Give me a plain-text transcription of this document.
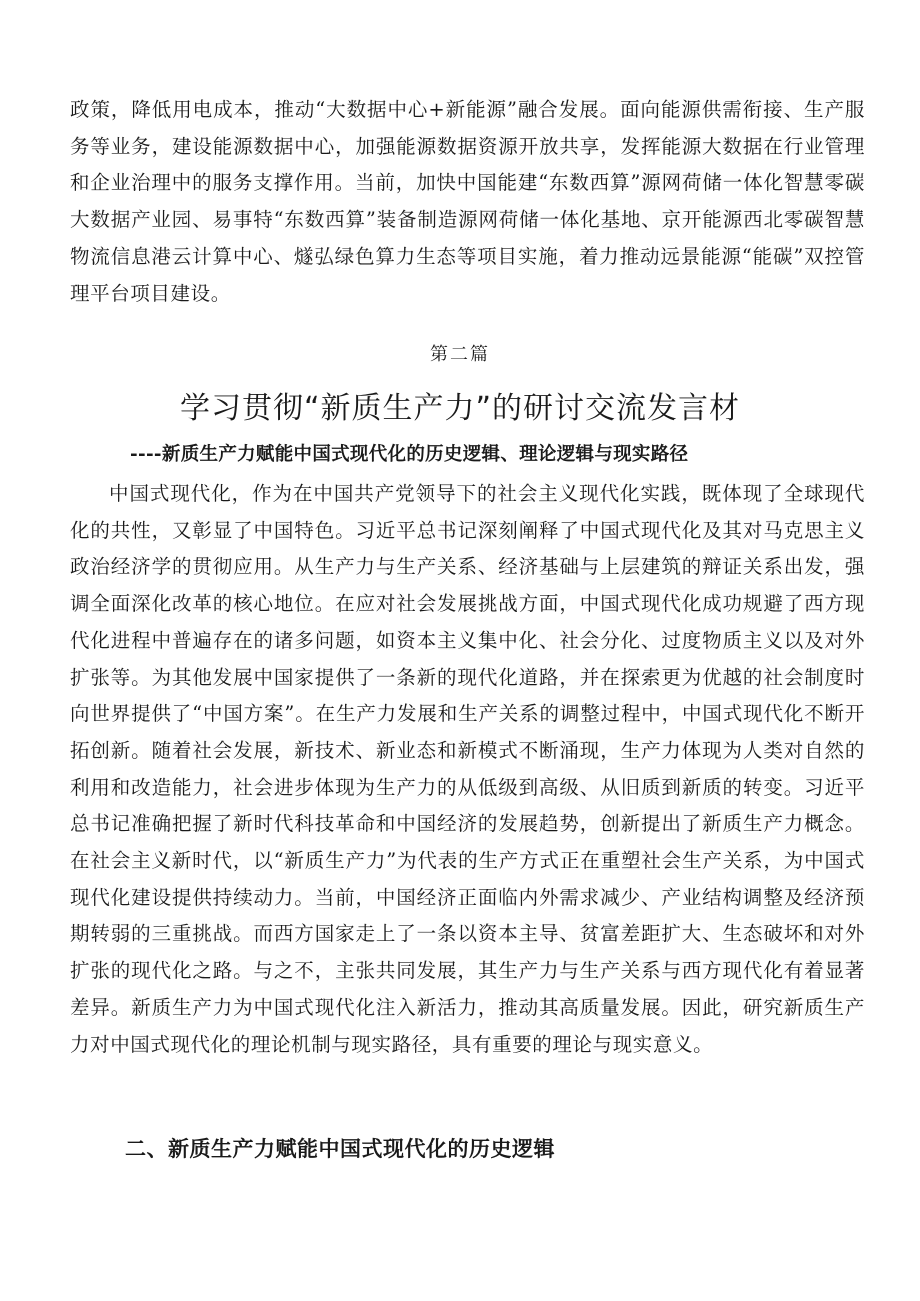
政策，降低用电成本，推动“大数据中心+新能源”融合发展。面向能源供需衔接、生产服务等业务，建设能源数据中心，加强能源数据资源开放共享，发挥能源大数据在行业管理和企业治理中的服务支撑作用。当前，加快中国能建“东数西算”源网荷储一体化智慧零碳大数据产业园、易事特“东数西算”装备制造源网荷储一体化基地、京开能源西北零碳智慧物流信息港云计算中心、燧弘绿色算力生态等项目实施，着力推动远景能源“能碳”双控管理平台项目建设。

第二篇

学习贯彻“新质生产力”的研讨交流发言材

----新质生产力赋能中国式现代化的历史逻辑、理论逻辑与现实路径

中国式现代化，作为在中国共产党领导下的社会主义现代化实践，既体现了全球现代化的共性，又彰显了中国特色。习近平总书记深刻阐释了中国式现代化及其对马克思主义政治经济学的贯彻应用。从生产力与生产关系、经济基础与上层建筑的辩证关系出发，强调全面深化改革的核心地位。在应对社会发展挑战方面，中国式现代化成功规避了西方现代化进程中普遍存在的诸多问题，如资本主义集中化、社会分化、过度物质主义以及对外扩张等。为其他发展中国家提供了一条新的现代化道路，并在探索更为优越的社会制度时向世界提供了“中国方案”。在生产力发展和生产关系的调整过程中，中国式现代化不断开拓创新。随着社会发展，新技术、新业态和新模式不断涌现，生产力体现为人类对自然的利用和改造能力，社会进步体现为生产力的从低级到高级、从旧质到新质的转变。习近平总书记准确把握了新时代科技革命和中国经济的发展趋势，创新提出了新质生产力概念。在社会主义新时代，以“新质生产力”为代表的生产方式正在重塑社会生产关系，为中国式现代化建设提供持续动力。当前，中国经济正面临内外需求减少、产业结构调整及经济预期转弱的三重挑战。而西方国家走上了一条以资本主导、贫富差距扩大、生态破坏和对外扩张的现代化之路。与之不，主张共同发展，其生产力与生产关系与西方现代化有着显著差异。新质生产力为中国式现代化注入新活力，推动其高质量发展。因此，研究新质生产力对中国式现代化的理论机制与现实路径，具有重要的理论与现实意义。

二、新质生产力赋能中国式现代化的历史逻辑
